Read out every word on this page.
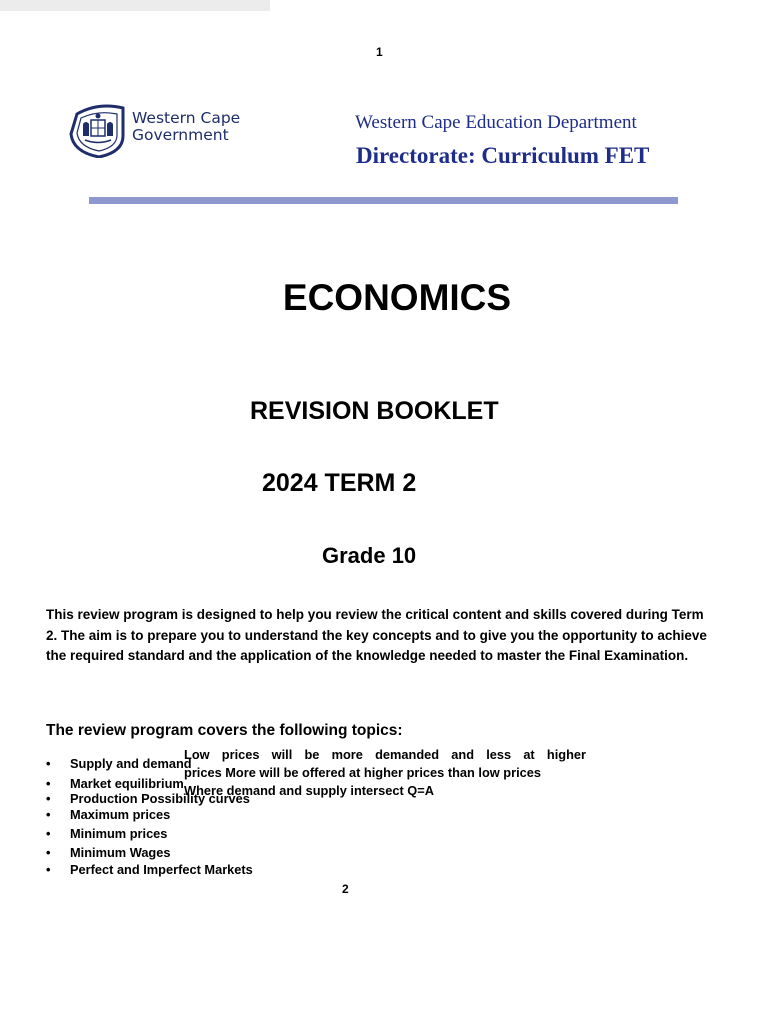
1
Western Cape
Government
Western Cape Education Department
Directorate: Curriculum FET
ECONOMICS
REVISION BOOKLET
2024 TERM 2
Grade 10
This review program is designed to help you review the critical content and skills covered during Term 2. The aim is to prepare you to understand the key concepts and to give you the opportunity to achieve the required standard and the application of the knowledge needed to master the Final Examination.
The review program covers the following topics:
• Supply and demand
• Market equilibrium
• Production Possibility curves
• Maximum prices
• Minimum prices
• Minimum Wages
• Perfect and Imperfect Markets

Low prices will be more demanded and less at higher

prices More will be offered at higher prices than low prices

Where demand and supply intersect Q=A

2
